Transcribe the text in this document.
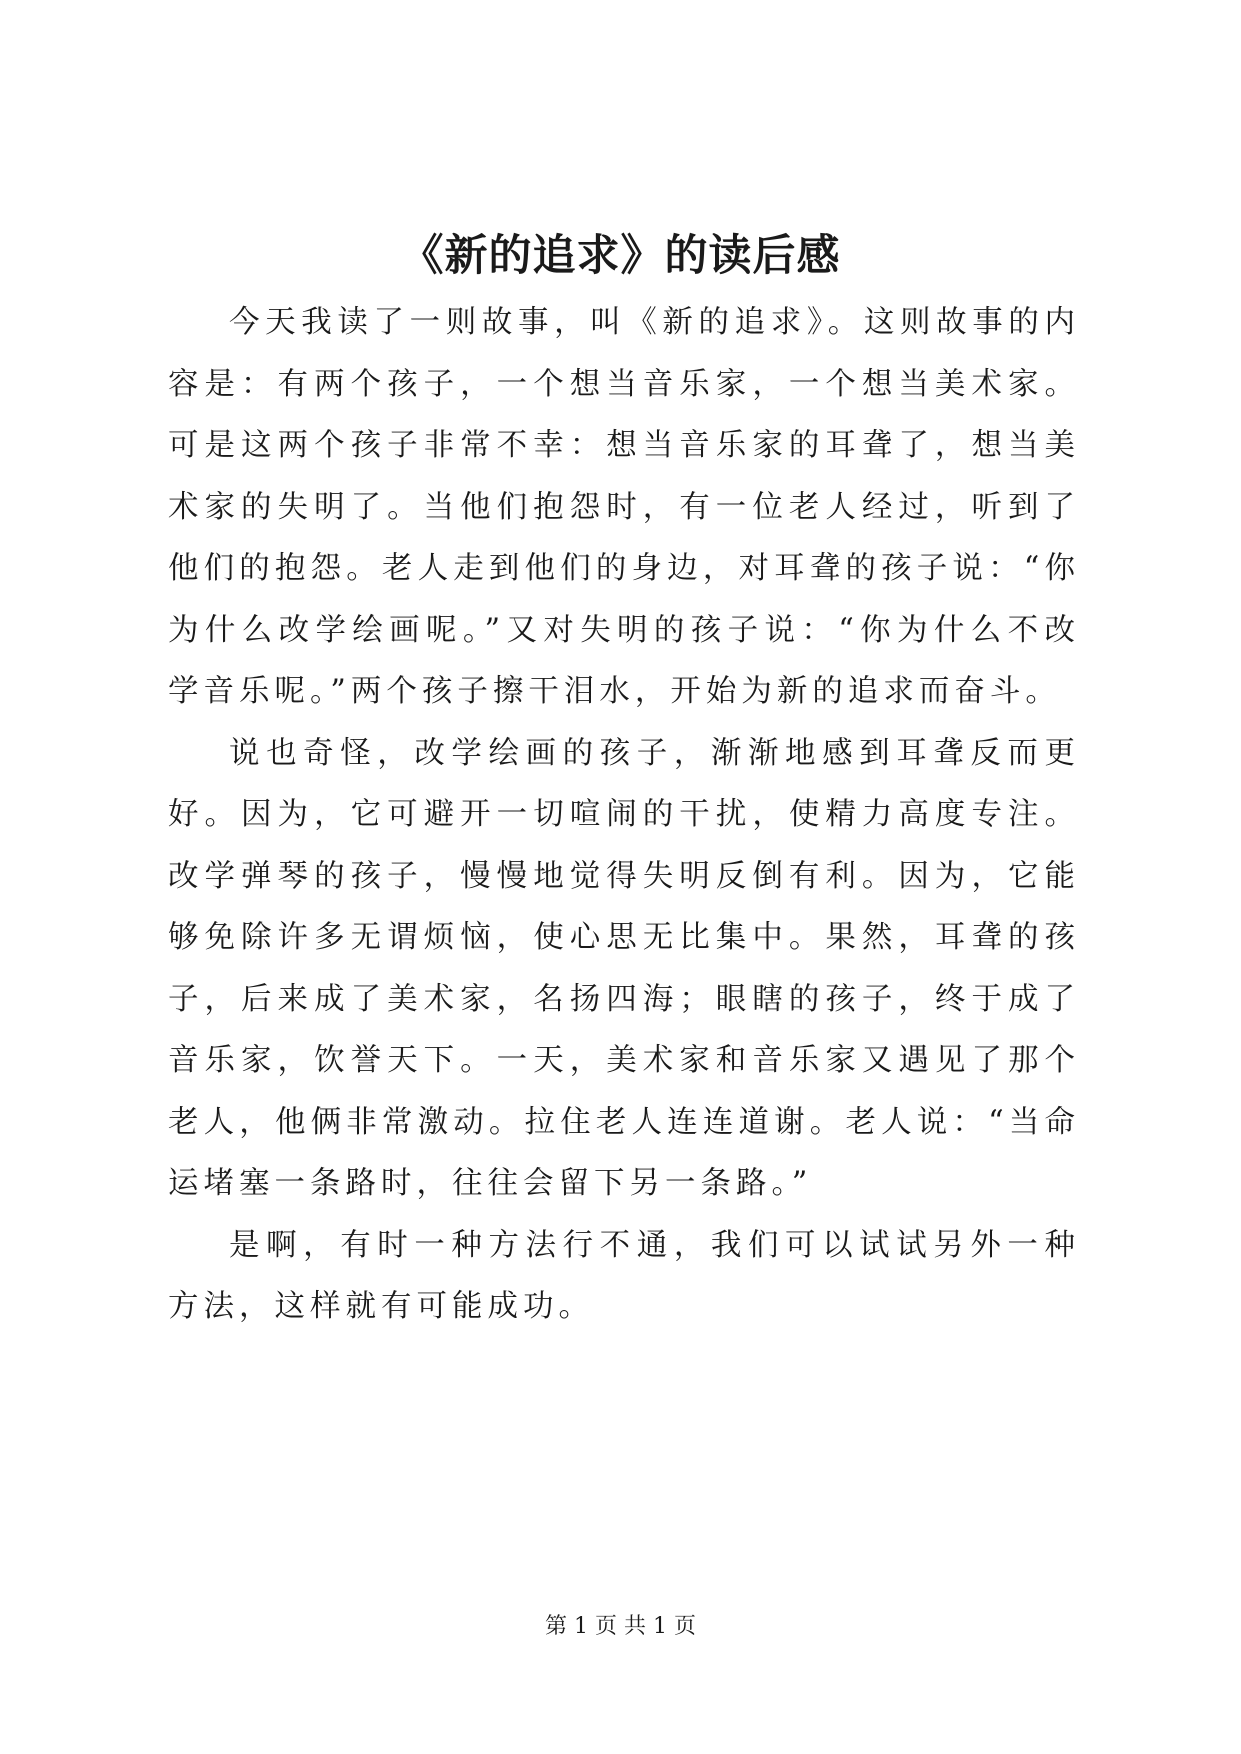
《新的追求》的读后感

今天我读了一则故事，叫《新的追求》。这则故事的内容是：有两个孩子，一个想当音乐家，一个想当美术家。可是这两个孩子非常不幸：想当音乐家的耳聋了，想当美术家的失明了。当他们抱怨时，有一位老人经过，听到了他们的抱怨。老人走到他们的身边，对耳聋的孩子说：“你为什么改学绘画呢。”又对失明的孩子说：“你为什么不改学音乐呢。”两个孩子擦干泪水，开始为新的追求而奋斗。

说也奇怪，改学绘画的孩子，渐渐地感到耳聋反而更好。因为，它可避开一切喧闹的干扰，使精力高度专注。改学弹琴的孩子，慢慢地觉得失明反倒有利。因为，它能够免除许多无谓烦恼，使心思无比集中。果然，耳聋的孩子，后来成了美术家，名扬四海；眼瞎的孩子，终于成了音乐家，饮誉天下。一天，美术家和音乐家又遇见了那个老人，他俩非常激动。拉住老人连连道谢。老人说：“当命运堵塞一条路时，往往会留下另一条路。”

是啊，有时一种方法行不通，我们可以试试另外一种方法，这样就有可能成功。

第 1 页 共 1 页
